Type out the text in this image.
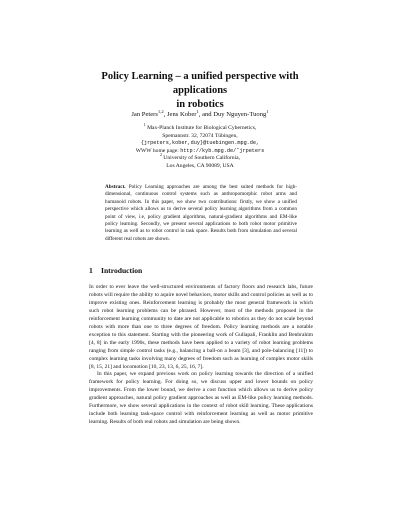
Policy Learning – a unified perspective with applications
in robotics
Jan Peters$^{1,2}$, Jens Kober$^1$, and Duy Nguyen-Tuong$^1$
$^1$ Max-Planck Institute for Biological Cybernetics,
Spemannstr. 32, 72074 Tübingen,
{jrpeters,kober,duy}@tuebingen.mpg.de,
WWW home page: http://kyb.mpg.de/˜jrpeters
$^2$ University of Southern California,
Los Angeles, CA 90089, USA
Abstract. Policy Learning approaches are among the best suited methods for high-dimensional, continuous control systems such as anthropomorphic robot arms and humanoid robots. In this paper, we show two contributions: firstly, we show a unified perspective which allows us to derive several policy learning algorithms from a common point of view, i.e, policy gradient algorithms, natural-gradient algorithms and EM-like policy learning. Secondly, we present several applications to both robot motor primitive learning as well as to robot control in task space. Results both from simulation and several different real robots are shown.
1 Introduction

In order to ever leave the well-structured environments of factory floors and research labs, future robots will require the ability to aquire novel behaviors, motor skills and control policies as well as to improve existing ones. Reinforcement learning is probably the most general framework in which such robot learning problems can be phrased. However, most of the methods proposed in the reinforcement learning community to date are not applicable to robotics as they do not scale beyond robots with more than one to three degrees of freedom. Policy learning methods are a notable exception to this statement. Starting with the pioneering work of Gullapali, Franklin and Benbrahim [4, 8] in the early 1990s, these methods have been applied to a variety of robot learning problems ranging from simple control tasks (e.g., balancing a ball-on a beam [3], and pole-balancing [11]) to complex learning tasks involving many degrees of freedom such as learning of complex motor skills [8, 15, 21] and locomotion [10, 23, 13, 6, 25, 16, 7].

In this paper, we expand previous work on policy learning towards the direction of a unified framework for policy learning. For doing so, we discuss upper and lower bounds on policy improvements. From the lower bound, we derive a cost function which allows us to derive policy gradient approaches, natural policy gradient approaches as well as EM-like policy learning methods. Furthermore, we show several applications in the context of robot skill learning. These applications include both learning task-space control with reinforcement learning as well as motor primitive learning. Results of both real robots and simulation are being shown.
